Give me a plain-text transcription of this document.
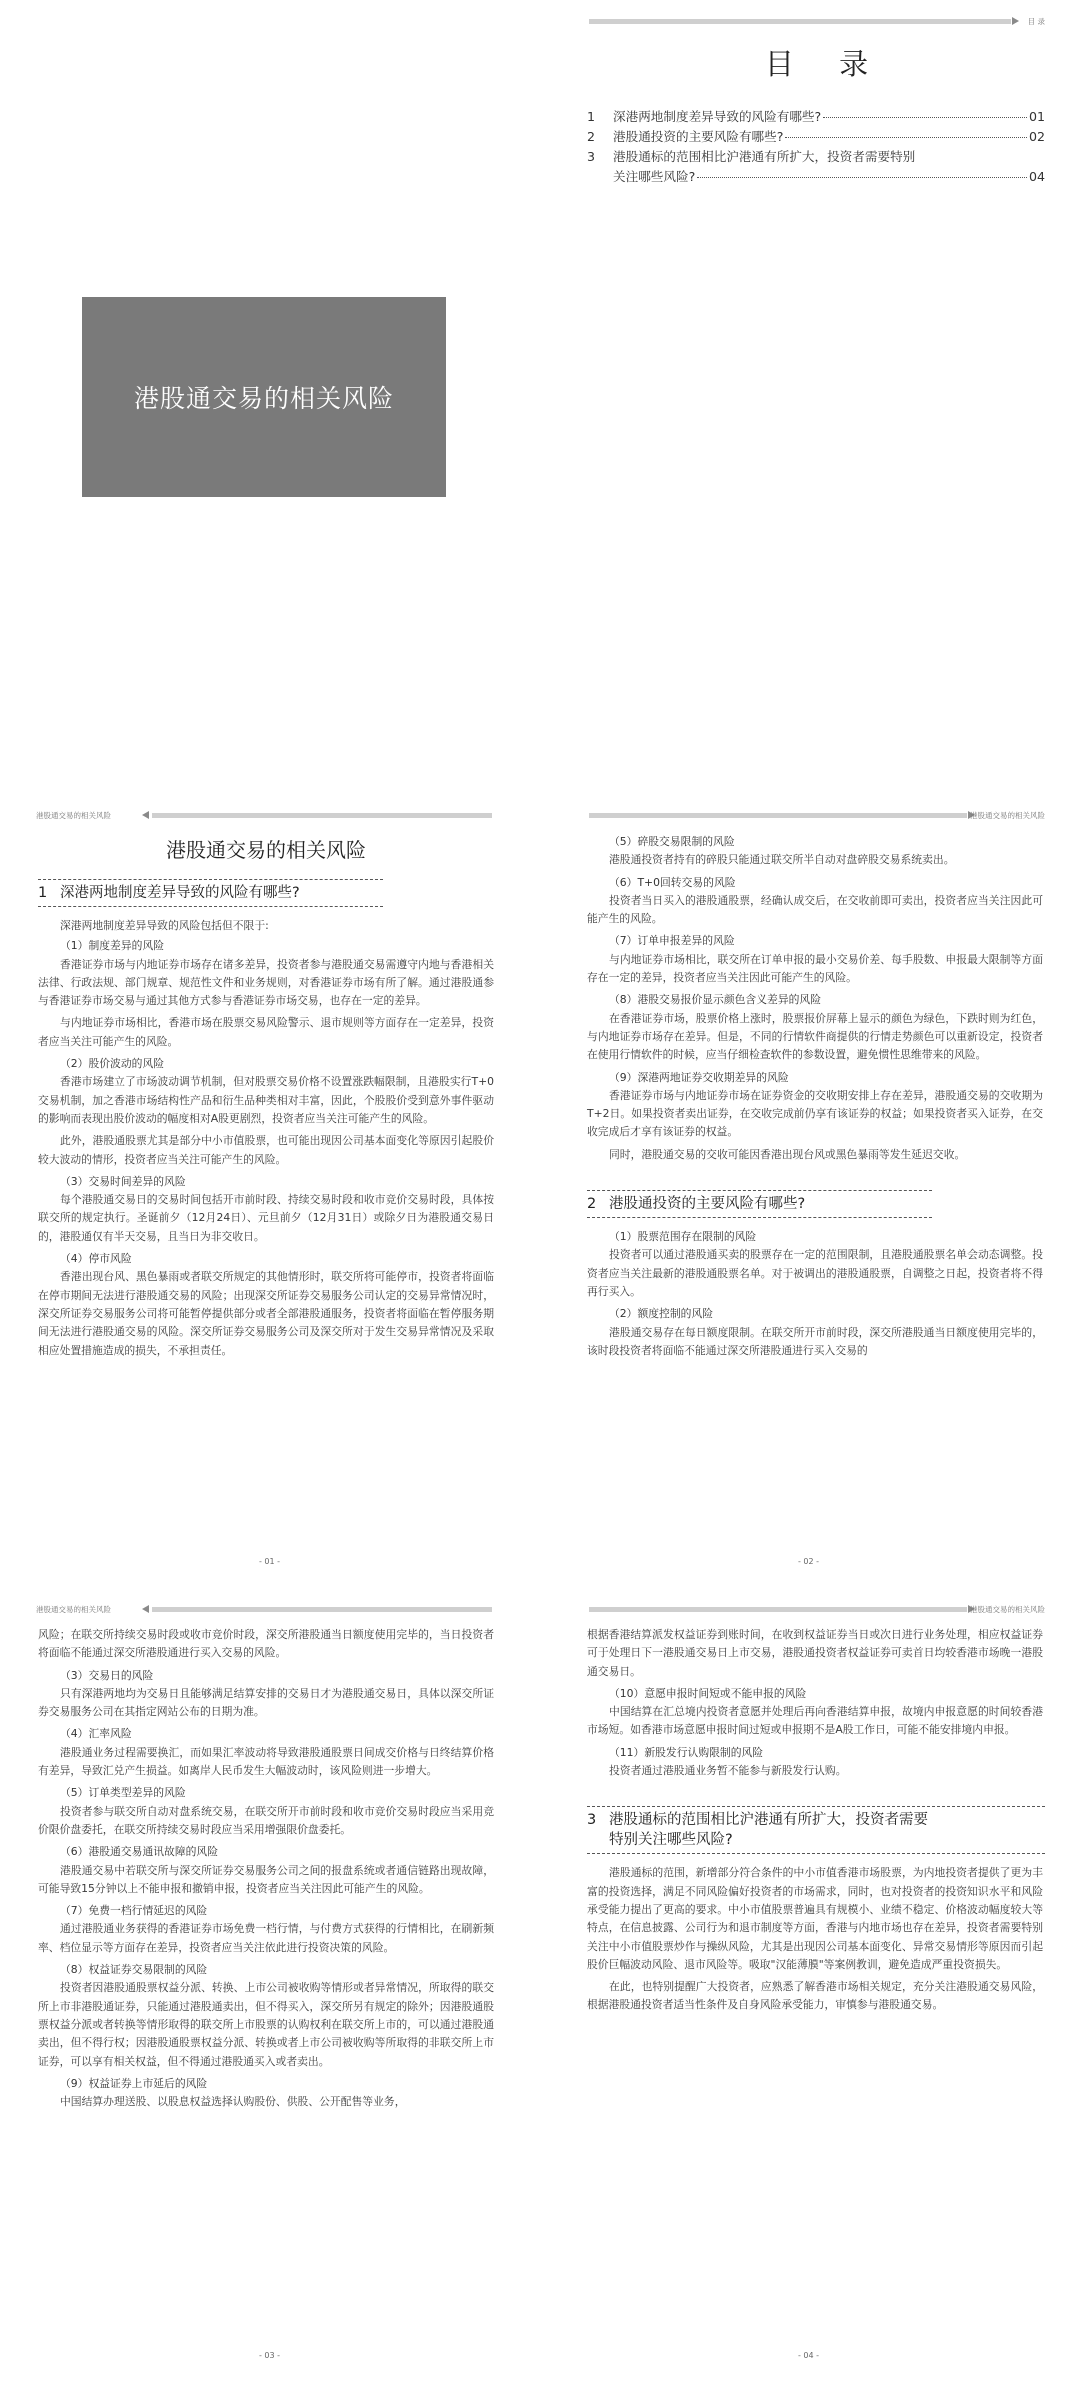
港股通交易的相关风险
目 录
目 录
1	深港两地制度差异导致的风险有哪些?	01
2	港股通投资的主要风险有哪些?	02
3	港股通标的范围相比沪港通有所扩大，投资者需要特别
关注哪些风险?	04
港股通交易的相关风险
港股通交易的相关风险
1 深港两地制度差异导致的风险有哪些?
深港两地制度差异导致的风险包括但不限于:
（1）制度差异的风险

香港证券市场与内地证券市场存在诸多差异，投资者参与港股通交易需遵守内地与香港相关法律、行政法规、部门规章、规范性文件和业务规则，对香港证券市场有所了解。通过港股通参与香港证券市场交易与通过其他方式参与香港证券市场交易，也存在一定的差异。

与内地证券市场相比，香港市场在股票交易风险警示、退市规则等方面存在一定差异，投资者应当关注可能产生的风险。

（2）股价波动的风险

香港市场建立了市场波动调节机制，但对股票交易价格不设置涨跌幅限制，且港股实行T+0交易机制，加之香港市场结构性产品和衍生品种类相对丰富，因此，个股股价受到意外事件驱动的影响而表现出股价波动的幅度相对A股更剧烈，投资者应当关注可能产生的风险。

此外，港股通股票尤其是部分中小市值股票，也可能出现因公司基本面变化等原因引起股价较大波动的情形，投资者应当关注可能产生的风险。

（3）交易时间差异的风险

每个港股通交易日的交易时间包括开市前时段、持续交易时段和收市竞价交易时段，具体按联交所的规定执行。圣诞前夕（12月24日）、元旦前夕（12月31日）或除夕日为港股通交易日的，港股通仅有半天交易，且当日为非交收日。

（4）停市风险

香港出现台风、黑色暴雨或者联交所规定的其他情形时，联交所将可能停市，投资者将面临在停市期间无法进行港股通交易的风险；出现深交所证券交易服务公司认定的交易异常情况时，深交所证券交易服务公司将可能暂停提供部分或者全部港股通服务，投资者将面临在暂停服务期间无法进行港股通交易的风险。深交所证券交易服务公司及深交所对于发生交易异常情况及采取相应处置措施造成的损失，不承担责任。

- 01 -
港股通交易的相关风险
（5）碎股交易限制的风险

港股通投资者持有的碎股只能通过联交所半自动对盘碎股交易系统卖出。

（6）T+0回转交易的风险

投资者当日买入的港股通股票，经确认成交后，在交收前即可卖出，投资者应当关注因此可能产生的风险。

（7）订单申报差异的风险

与内地证券市场相比，联交所在订单申报的最小交易价差、每手股数、申报最大限制等方面存在一定的差异，投资者应当关注因此可能产生的风险。

（8）港股交易报价显示颜色含义差异的风险

在香港证券市场，股票价格上涨时，股票报价屏幕上显示的颜色为绿色，下跌时则为红色，与内地证券市场存在差异。但是，不同的行情软件商提供的行情走势颜色可以重新设定，投资者在使用行情软件的时候，应当仔细检查软件的参数设置，避免惯性思维带来的风险。

（9）深港两地证券交收期差异的风险

香港证券市场与内地证券市场在证券资金的交收期安排上存在差异，港股通交易的交收期为T+2日。如果投资者卖出证券，在交收完成前仍享有该证券的权益；如果投资者买入证券，在交收完成后才享有该证券的权益。

同时，港股通交易的交收可能因香港出现台风或黑色暴雨等发生延迟交收。

2 港股通投资的主要风险有哪些?
（1）股票范围存在限制的风险

投资者可以通过港股通买卖的股票存在一定的范围限制，且港股通股票名单会动态调整。投资者应当关注最新的港股通股票名单。对于被调出的港股通股票，自调整之日起，投资者将不得再行买入。

（2）额度控制的风险

港股通交易存在每日额度限制。在联交所开市前时段，深交所港股通当日额度使用完毕的，该时段投资者将面临不能通过深交所港股通进行买入交易的

- 02 -
港股通交易的相关风险

风险；在联交所持续交易时段或收市竞价时段，深交所港股通当日额度使用完毕的，当日投资者将面临不能通过深交所港股通进行买入交易的风险。

（3）交易日的风险

只有深港两地均为交易日且能够满足结算安排的交易日才为港股通交易日，具体以深交所证券交易服务公司在其指定网站公布的日期为准。

（4）汇率风险

港股通业务过程需要换汇，而如果汇率波动将导致港股通股票日间成交价格与日终结算价格有差异，导致汇兑产生损益。如离岸人民币发生大幅波动时，该风险则进一步增大。

（5）订单类型差异的风险

投资者参与联交所自动对盘系统交易，在联交所开市前时段和收市竞价交易时段应当采用竞价限价盘委托，在联交所持续交易时段应当采用增强限价盘委托。

（6）港股通交易通讯故障的风险

港股通交易中若联交所与深交所证券交易服务公司之间的报盘系统或者通信链路出现故障，可能导致15分钟以上不能申报和撤销申报，投资者应当关注因此可能产生的风险。

（7）免费一档行情延迟的风险

通过港股通业务获得的香港证券市场免费一档行情，与付费方式获得的行情相比，在刷新频率、档位显示等方面存在差异，投资者应当关注依此进行投资决策的风险。

（8）权益证券交易限制的风险

投资者因港股通股票权益分派、转换、上市公司被收购等情形或者异常情况，所取得的联交所上市非港股通证券，只能通过港股通卖出，但不得买入，深交所另有规定的除外；因港股通股票权益分派或者转换等情形取得的联交所上市股票的认购权利在联交所上市的，可以通过港股通卖出，但不得行权；因港股通股票权益分派、转换或者上市公司被收购等所取得的非联交所上市证券，可以享有相关权益，但不得通过港股通买入或者卖出。

（9）权益证券上市延后的风险

中国结算办理送股、以股息权益选择认购股份、供股、公开配售等业务，

- 03 -
港股通交易的相关风险

根据香港结算派发权益证券到账时间，在收到权益证券当日或次日进行业务处理，相应权益证券可于处理日下一港股通交易日上市交易，港股通投资者权益证券可卖首日均较香港市场晚一港股通交易日。

（10）意愿申报时间短或不能申报的风险

中国结算在汇总境内投资者意愿并处理后再向香港结算申报，故境内申报意愿的时间较香港市场短。如香港市场意愿申报时间过短或申报期不是A股工作日，可能不能安排境内申报。

（11）新股发行认购限制的风险

投资者通过港股通业务暂不能参与新股发行认购。

3 港股通标的范围相比沪港通有所扩大，投资者需要
特别关注哪些风险?

港股通标的范围，新增部分符合条件的中小市值香港市场股票，为内地投资者提供了更为丰富的投资选择，满足不同风险偏好投资者的市场需求，同时，也对投资者的投资知识水平和风险承受能力提出了更高的要求。中小市值股票普遍具有规模小、业绩不稳定、价格波动幅度较大等特点，在信息披露、公司行为和退市制度等方面，香港与内地市场也存在差异，投资者需要特别关注中小市值股票炒作与操纵风险，尤其是出现因公司基本面变化、异常交易情形等原因而引起股价巨幅波动风险、退市风险等。吸取"汉能薄膜"等案例教训，避免造成严重投资损失。

在此，也特别提醒广大投资者，应熟悉了解香港市场相关规定，充分关注港股通交易风险，根据港股通投资者适当性条件及自身风险承受能力，审慎参与港股通交易。

- 04 -
